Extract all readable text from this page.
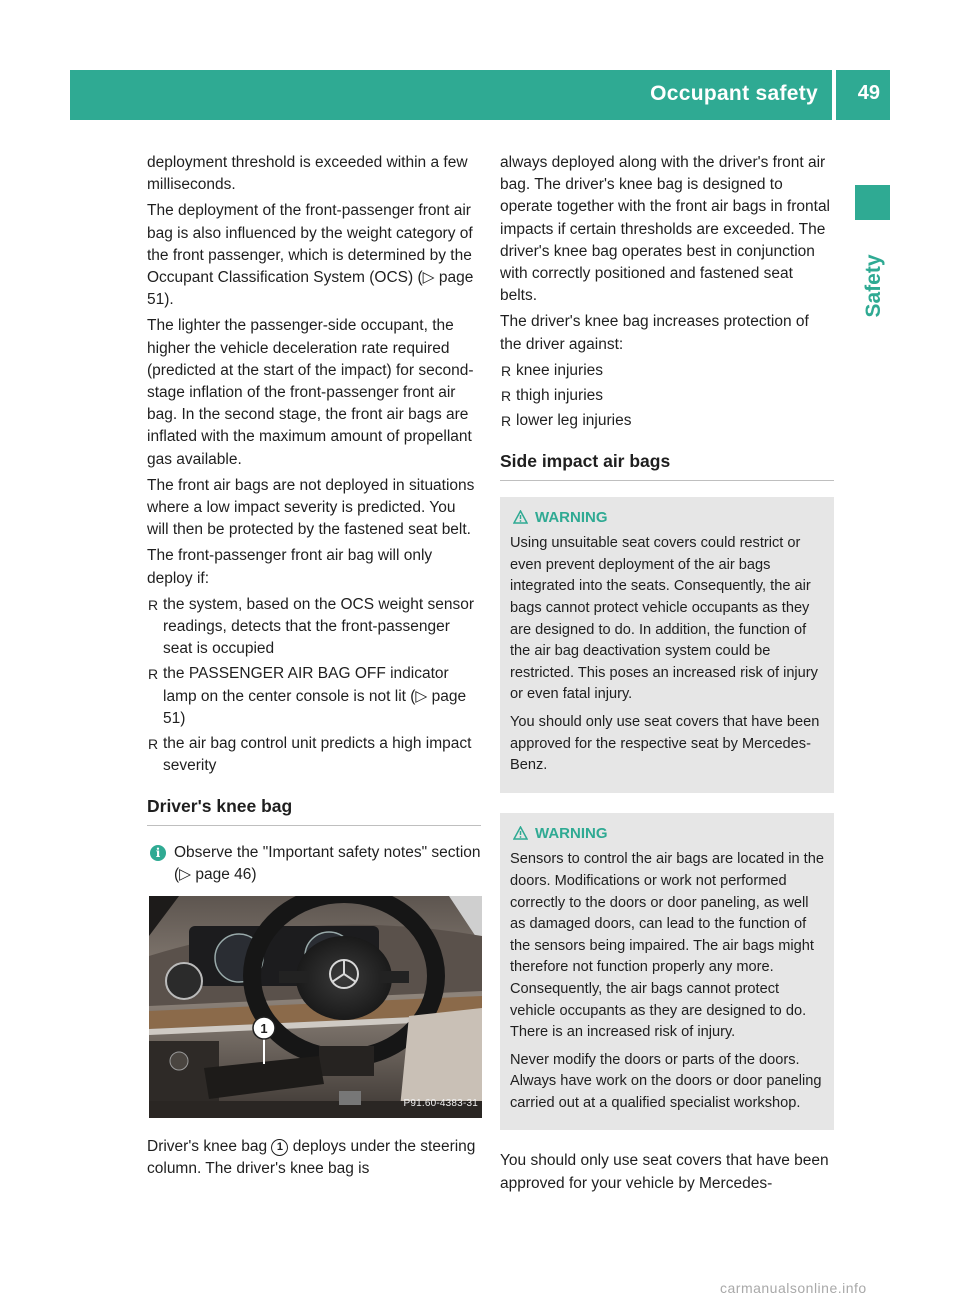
Occupant safety 49
Safety

deployment threshold is exceeded within a few milliseconds.

The deployment of the front-passenger front air bag is also influenced by the weight category of the front passenger, which is determined by the Occupant Classification System (OCS) (▷ page 51).

The lighter the passenger-side occupant, the higher the vehicle deceleration rate required (predicted at the start of the impact) for second-stage inflation of the front-passenger front air bag. In the second stage, the front air bags are inflated with the maximum amount of propellant gas available.

The front air bags are not deployed in situations where a low impact severity is predicted. You will then be protected by the fastened seat belt.

The front-passenger front air bag will only deploy if:

R the system, based on the OCS weight sensor readings, detects that the front-passenger seat is occupied
R the PASSENGER AIR BAG OFF indicator lamp on the center console is not lit (▷ page 51)
R the air bag control unit predicts a high impact severity
Driver's knee bag
i Observe the "Important safety notes" section (▷ page 46)
1
P91.60-4383-31

Driver's knee bag 1 deploys under the steering column. The driver's knee bag is

always deployed along with the driver's front air bag. The driver's knee bag is designed to operate together with the front air bags in frontal impacts if certain thresholds are exceeded. The driver's knee bag operates best in conjunction with correctly positioned and fastened seat belts.

The driver's knee bag increases protection of the driver against:

R knee injuries
R thigh injuries
R lower leg injuries
Side impact air bags
WARNING

Using unsuitable seat covers could restrict or even prevent deployment of the air bags integrated into the seats. Consequently, the air bags cannot protect vehicle occupants as they are designed to do. In addition, the function of the air bag deactivation system could be restricted. This poses an increased risk of injury or even fatal injury.

You should only use seat covers that have been approved for the respective seat by Mercedes-Benz.

WARNING

Sensors to control the air bags are located in the doors. Modifications or work not performed correctly to the doors or door paneling, as well as damaged doors, can lead to the function of the sensors being impaired. The air bags might therefore not function properly any more. Consequently, the air bags cannot protect vehicle occupants as they are designed to do. There is an increased risk of injury.

Never modify the doors or parts of the doors. Always have work on the doors or door paneling carried out at a qualified specialist workshop.

You should only use seat covers that have been approved for your vehicle by Mercedes-

carmanualsonline.info
